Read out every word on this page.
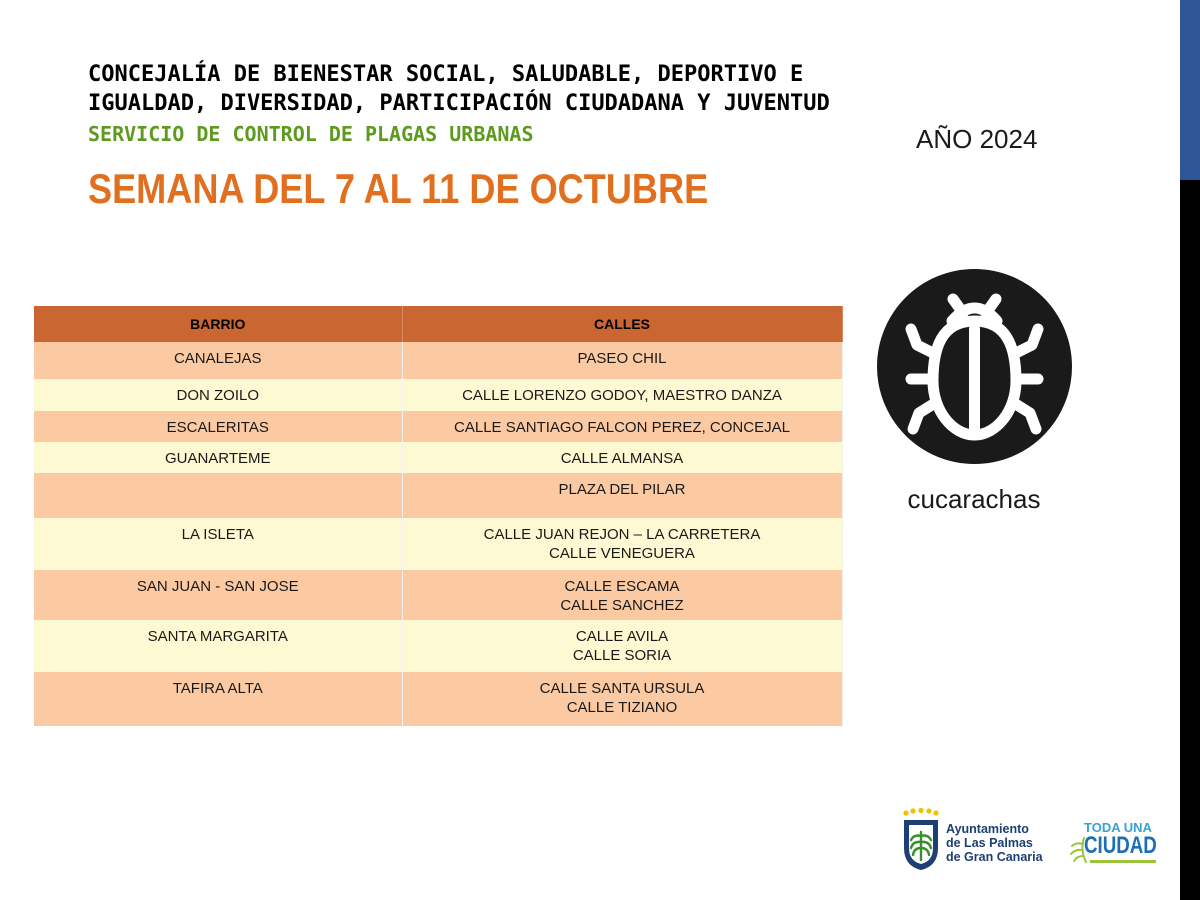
CONCEJALÍA DE BIENESTAR SOCIAL, SALUDABLE, DEPORTIVO E

IGUALDAD, DIVERSIDAD, PARTICIPACIÓN CIUDADANA Y JUVENTUD

SERVICIO DE CONTROL DE PLAGAS URBANAS	AÑO 2024

SEMANA DEL 7 AL 11 DE OCTUBRE

BARRIO	CALLES
CANALEJAS	PASEO CHIL

DON ZOILO	CALLE LORENZO GODOY, MAESTRO DANZA

ESCALERITAS	CALLE SANTIAGO FALCON PEREZ, CONCEJAL

GUANARTEME	CALLE ALMANSA

	PLAZA DEL PILAR

LA ISLETA	CALLE JUAN REJON – LA CARRETERA
CALLE VENEGUERA

SAN JUAN - SAN JOSE	CALLE ESCAMA
CALLE SANCHEZ

SANTA MARGARITA	CALLE AVILA
CALLE SORIA

TAFIRA ALTA	CALLE SANTA URSULA
CALLE TIZIANO

cucarachas

Ayuntamiento
de Las Palmas
de Gran Canaria
TODA UNA
CIUDAD
